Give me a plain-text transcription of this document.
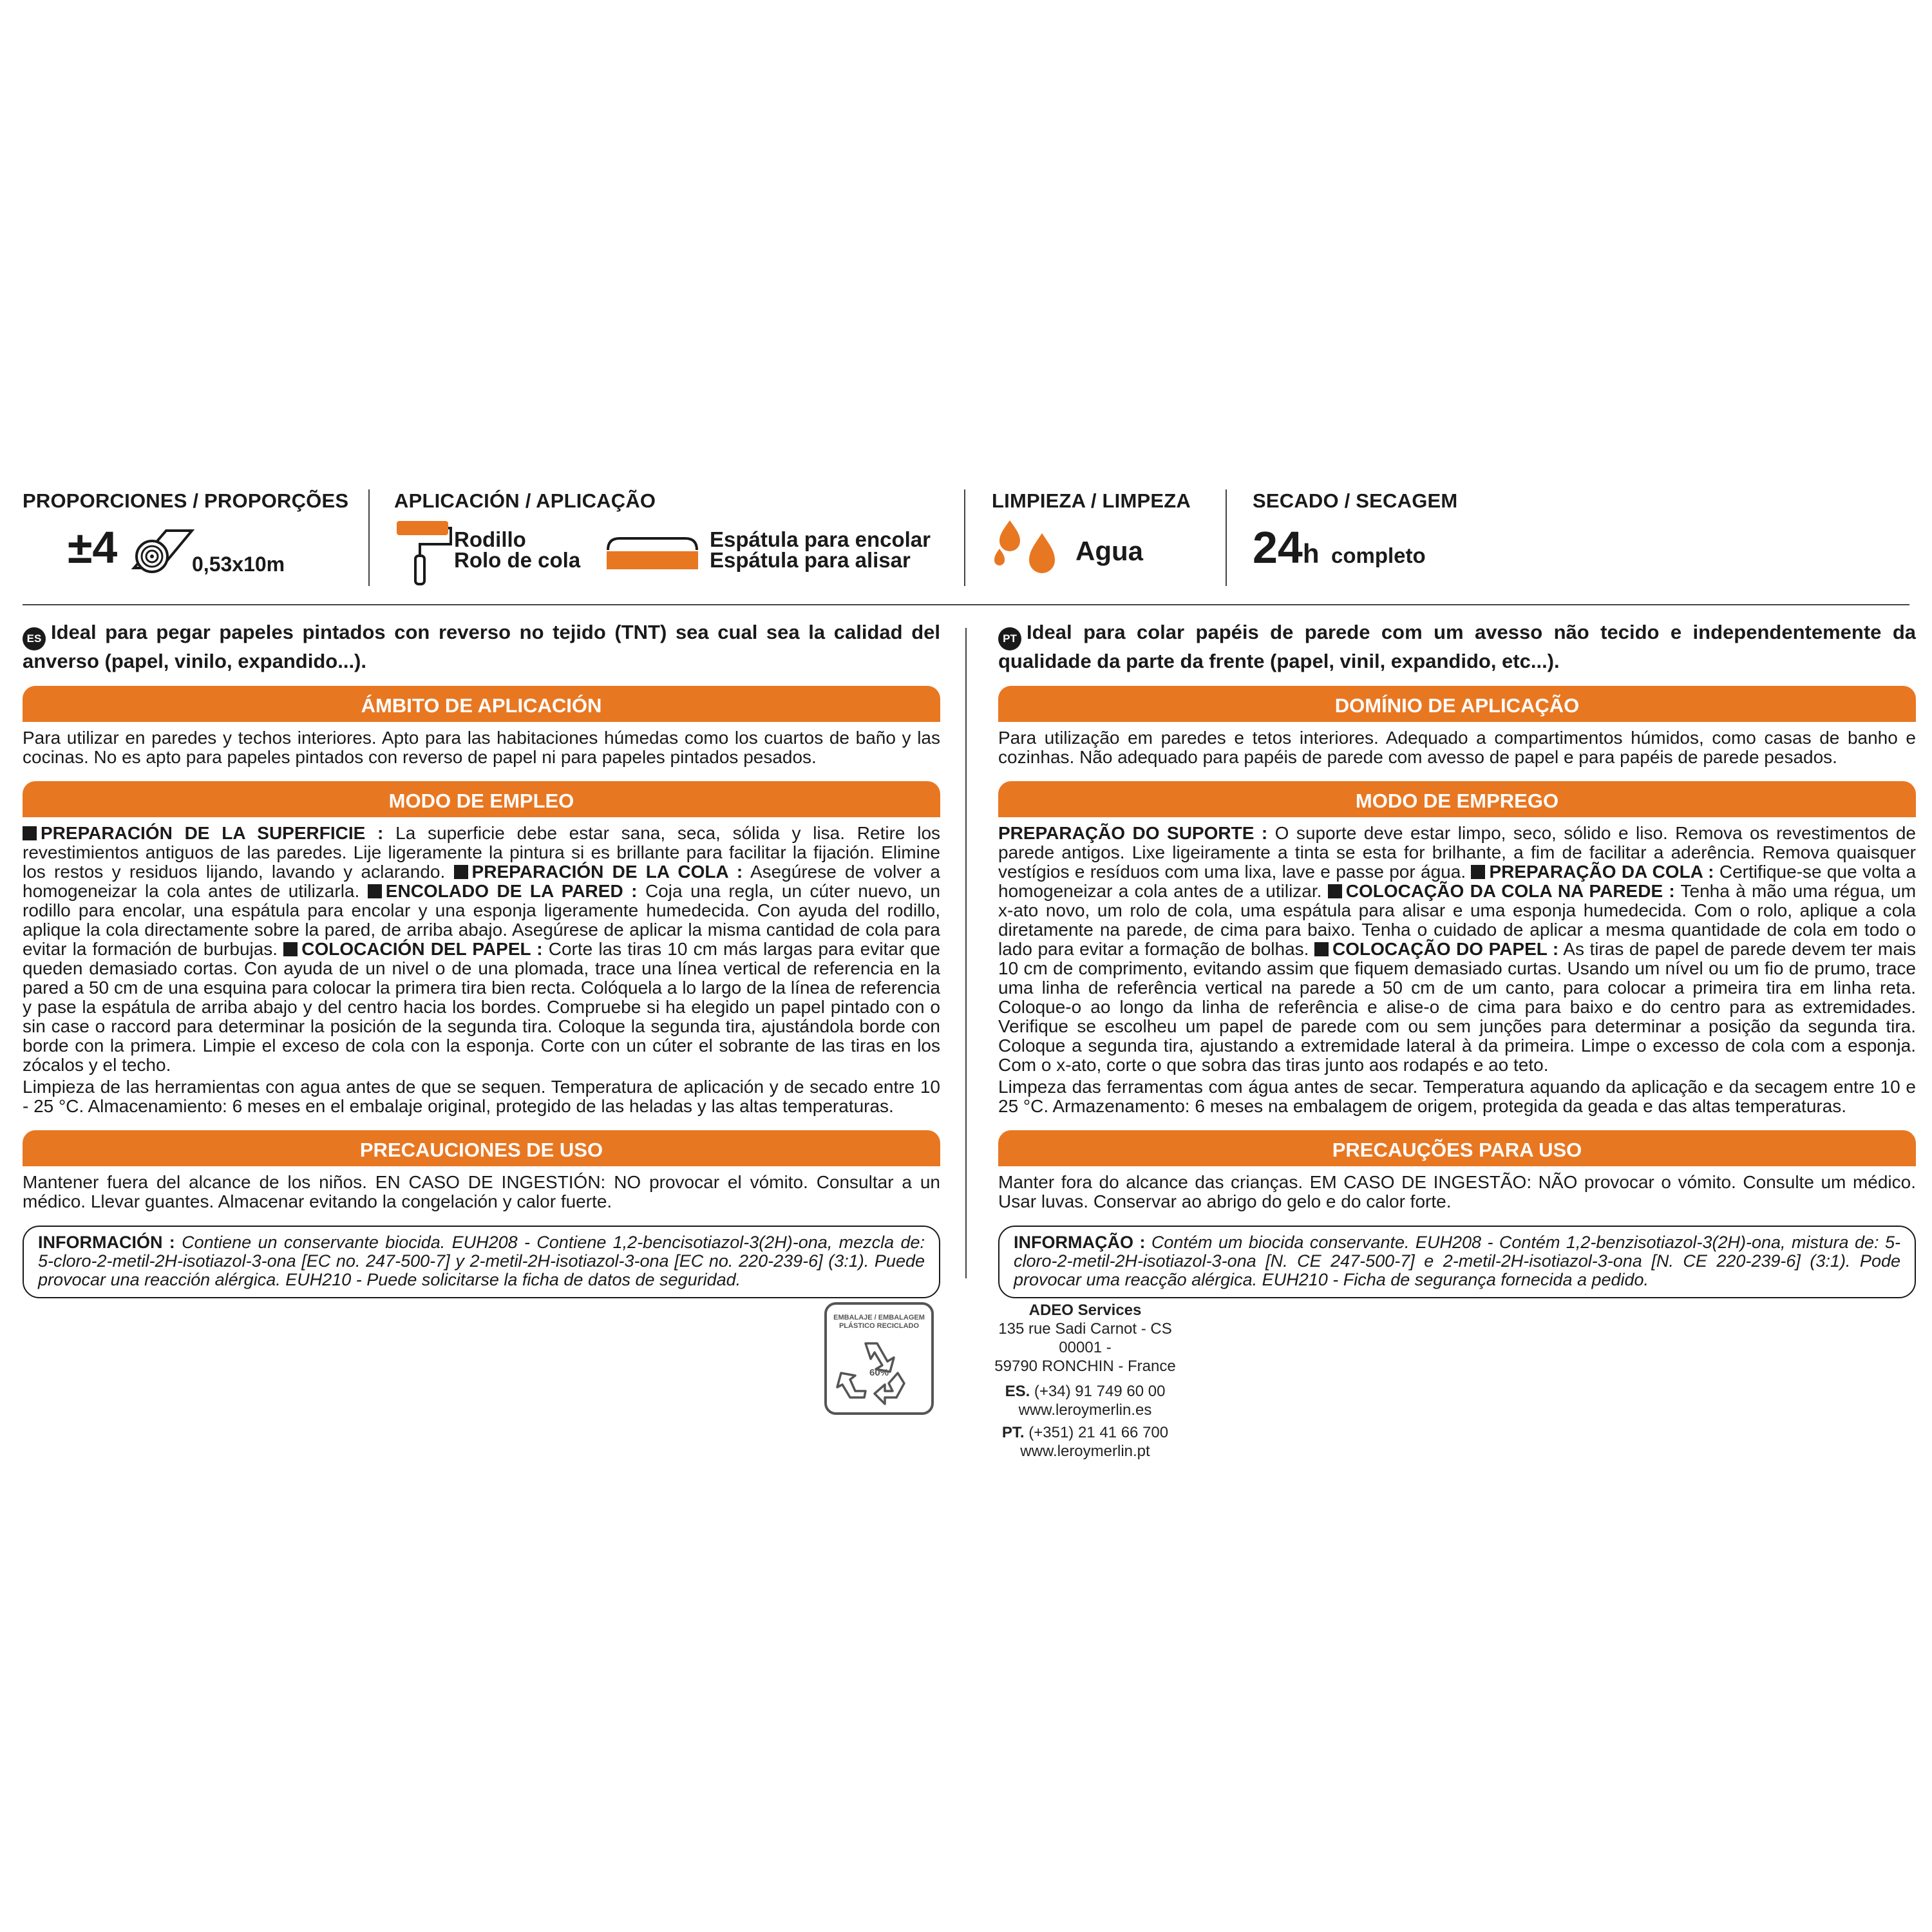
PROPORCIONES / PROPORÇÕES
±4	0,53x10m
APLICACIÓN / APLICAÇÃO
Rodillo
Rolo de cola
Espátula para encolar
Espátula para alisar
LIMPIEZA / LIMPEZA
Agua
SECADO / SECAGEM
24h completo
ES Ideal para pegar papeles pintados con reverso no tejido (TNT) sea cual sea la calidad del anverso (papel, vinilo, expandido...).
ÁMBITO DE APLICACIÓN
Para utilizar en paredes y techos interiores. Apto para las habitaciones húmedas como los cuartos de baño y las cocinas. No es apto para papeles pintados con reverso de papel ni para papeles pintados pesados.
MODO DE EMPLEO
PREPARACIÓN DE LA SUPERFICIE : La superficie debe estar sana, seca, sólida y lisa. Retire los revestimientos antiguos de las paredes. Lije ligeramente la pintura si es brillante para facilitar la fijación. Elimine los restos y residuos lijando, lavando y aclarando. PREPARACIÓN DE LA COLA : Asegúrese de volver a homogeneizar la cola antes de utilizarla. ENCOLADO DE LA PARED : Coja una regla, un cúter nuevo, un rodillo para encolar, una espátula para encolar y una esponja ligeramente humedecida. Con ayuda del rodillo, aplique la cola directamente sobre la pared, de arriba abajo. Asegúrese de aplicar la misma cantidad de cola para evitar la formación de burbujas. COLOCACIÓN DEL PAPEL : Corte las tiras 10 cm más largas para evitar que queden demasiado cortas. Con ayuda de un nivel o de una plomada, trace una línea vertical de referencia en la pared a 50 cm de una esquina para colocar la primera tira bien recta. Colóquela a lo largo de la línea de referencia y pase la espátula de arriba abajo y del centro hacia los bordes. Compruebe si ha elegido un papel pintado con o sin case o raccord para determinar la posición de la segunda tira. Coloque la segunda tira, ajustándola borde con borde con la primera. Limpie el exceso de cola con la esponja. Corte con un cúter el sobrante de las tiras en los zócalos y el techo.
Limpieza de las herramientas con agua antes de que se sequen. Temperatura de aplicación y de secado entre 10 - 25 °C. Almacenamiento: 6 meses en el embalaje original, protegido de las heladas y las altas temperaturas.
PRECAUCIONES DE USO
Mantener fuera del alcance de los niños. EN CASO DE INGESTIÓN: NO provocar el vómito. Consultar a un médico. Llevar guantes. Almacenar evitando la congelación y calor fuerte.
INFORMACIÓN : Contiene un conservante biocida. EUH208 - Contiene 1,2-bencisotiazol-3(2H)-ona, mezcla de: 5-cloro-2-metil-2H-isotiazol-3-ona [EC no. 247-500-7] y 2-metil-2H-isotiazol-3-ona [EC no. 220-239-6] (3:1). Puede provocar una reacción alérgica. EUH210 - Puede solicitarse la ficha de datos de seguridad.
PT Ideal para colar papéis de parede com um avesso não tecido e independentemente da qualidade da parte da frente (papel, vinil, expandido, etc...).
DOMÍNIO DE APLICAÇÃO
Para utilização em paredes e tetos interiores. Adequado a compartimentos húmidos, como casas de banho e cozinhas. Não adequado para papéis de parede com avesso de papel e para papéis de parede pesados.
MODO DE EMPREGO
PREPARAÇÃO DO SUPORTE : O suporte deve estar limpo, seco, sólido e liso. Remova os revestimentos de parede antigos. Lixe ligeiramente a tinta se esta for brilhante, a fim de facilitar a aderência. Remova quaisquer vestígios e resíduos com uma lixa, lave e passe por água. PREPARAÇÃO DA COLA : Certifique-se que volta a homogeneizar a cola antes de a utilizar. COLOCAÇÃO DA COLA NA PAREDE : Tenha à mão uma régua, um x-ato novo, um rolo de cola, uma espátula para alisar e uma esponja humedecida. Com o rolo, aplique a cola diretamente na parede, de cima para baixo. Tenha o cuidado de aplicar a mesma quantidade de cola em todo o lado para evitar a formação de bolhas. COLOCAÇÃO DO PAPEL : As tiras de papel de parede devem ter mais 10 cm de comprimento, evitando assim que fiquem demasiado curtas. Usando um nível ou um fio de prumo, trace uma linha de referência vertical na parede a 50 cm de um canto, para colocar a primeira tira em linha reta. Coloque-o ao longo da linha de referência e alise-o de cima para baixo e do centro para as extremidades. Verifique se escolheu um papel de parede com ou sem junções para determinar a posição da segunda tira. Coloque a segunda tira, ajustando a extremidade lateral à da primeira. Limpe o excesso de cola com a esponja. Com o x-ato, corte o que sobra das tiras junto aos rodapés e ao teto.
Limpeza das ferramentas com água antes de secar. Temperatura aquando da aplicação e da secagem entre 10 e 25 °C. Armazenamento: 6 meses na embalagem de origem, protegida da geada e das altas temperaturas.
PRECAUÇÕES PARA USO
Manter fora do alcance das crianças. EM CASO DE INGESTÃO: NÃO provocar o vómito. Consulte um médico. Usar luvas. Conservar ao abrigo do gelo e do calor forte.
INFORMAÇÃO : Contém um biocida conservante. EUH208 - Contém 1,2-benzisotiazol-3(2H)-ona, mistura de: 5-cloro-2-metil-2H-isotiazol-3-ona [N. CE 247-500-7] e 2-metil-2H-isotiazol-3-ona [N. CE 220-239-6] (3:1). Pode provocar uma reacção alérgica. EUH210 - Ficha de segurança fornecida a pedido.
EMBALAJE / EMBALAGEM
PLÁSTICO RECICLADO
60%
ADEO Services
135 rue Sadi Carnot - CS 00001 -
59790 RONCHIN - France
ES. (+34) 91 749 60 00
www.leroymerlin.es
PT. (+351) 21 41 66 700
www.leroymerlin.pt
